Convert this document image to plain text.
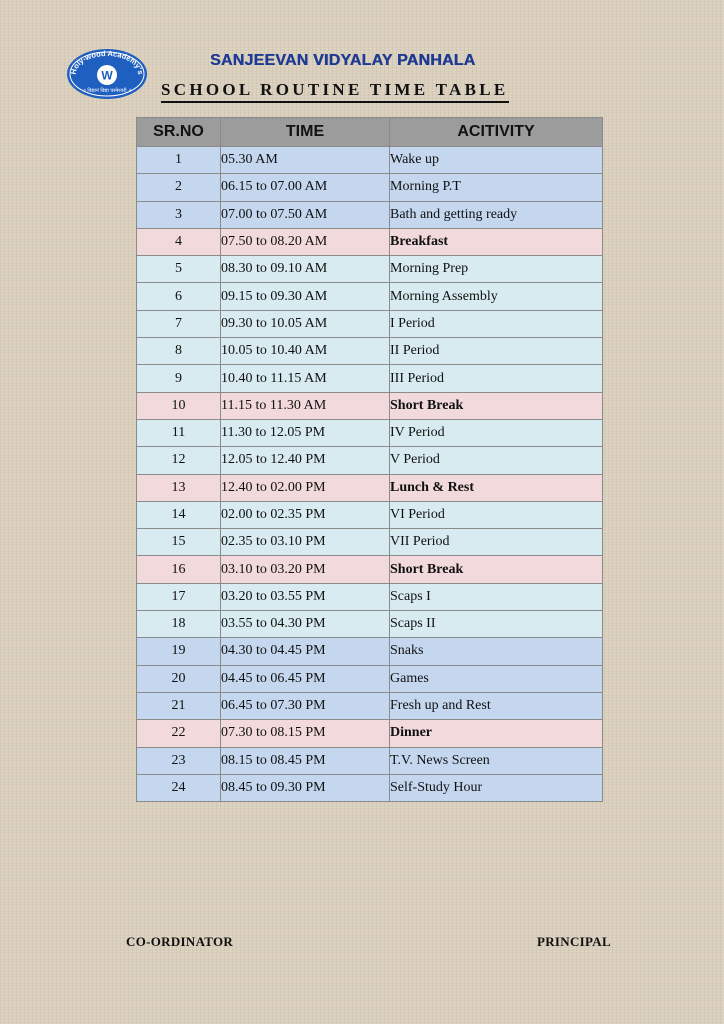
Holy-wood Academy's
W
॥ विद्यानं विद्या परमेश्वरी ॥
SANJEEVAN VIDYALAY PANHALA
SCHOOL ROUTINE TIME TABLE
SR.NO	TIME	ACITIVITY
1	05.30 AM	Wake up
2	06.15 to 07.00 AM	Morning P.T
3	07.00 to 07.50 AM	Bath and getting ready
4	07.50 to 08.20 AM	Breakfast
5	08.30 to 09.10 AM	Morning Prep
6	09.15 to 09.30 AM	Morning Assembly
7	09.30 to 10.05 AM	I Period
8	10.05 to 10.40 AM	II Period
9	10.40 to 11.15 AM	III Period
10	11.15 to 11.30 AM	Short Break
11	11.30 to 12.05 PM	IV Period
12	12.05 to 12.40 PM	V Period
13	12.40 to 02.00 PM	Lunch & Rest
14	02.00 to 02.35 PM	VI Period
15	02.35 to 03.10 PM	VII Period
16	03.10 to 03.20 PM	Short Break
17	03.20 to 03.55 PM	Scaps I
18	03.55 to 04.30 PM	Scaps II
19	04.30 to 04.45 PM	Snaks
20	04.45 to 06.45 PM	Games
21	06.45 to 07.30 PM	Fresh up and Rest
22	07.30 to 08.15 PM	Dinner
23	08.15 to 08.45 PM	T.V. News Screen
24	08.45 to 09.30 PM	Self-Study Hour
CO-ORDINATOR	PRINCIPAL
